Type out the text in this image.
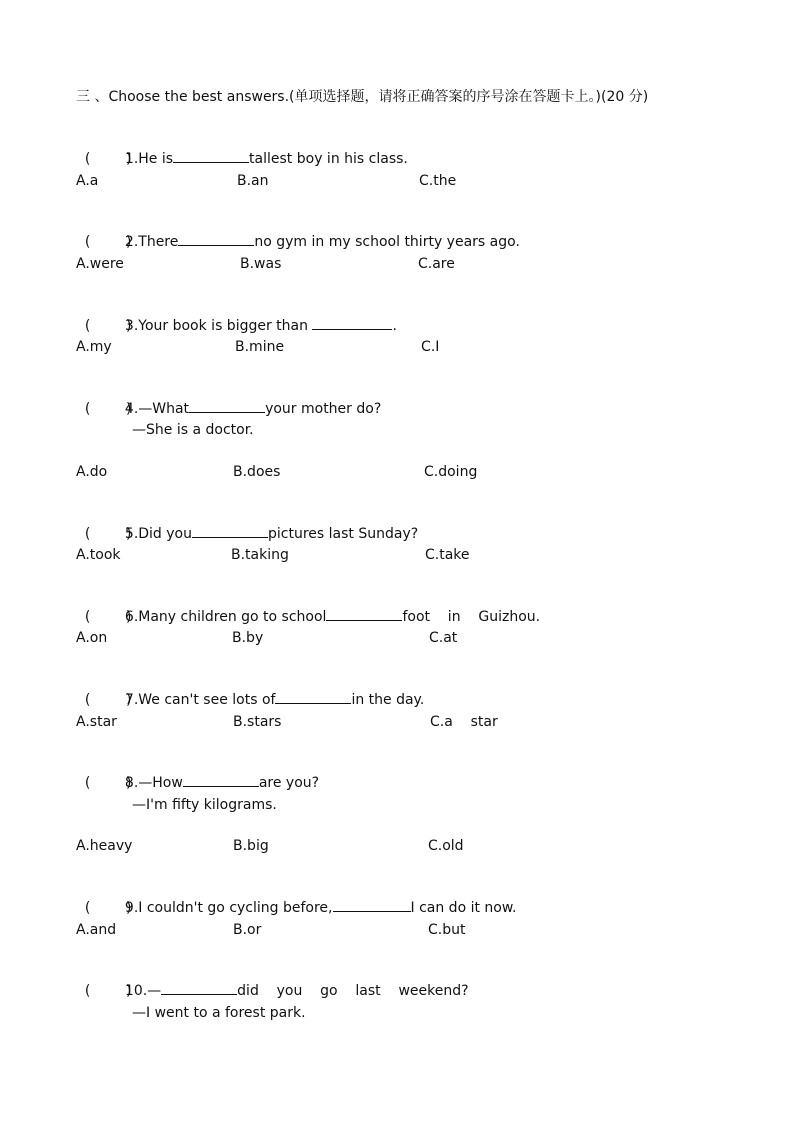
三 、Choose the best answers.(单项选择题，请将正确答案的序号涂在答题卡上。)(20 分)

(        )1.He is	tallest boy in his class.

A.a	B.an	C.the

(        )2.There	no gym in my school thirty years ago.

A.were	B.was	C.are

(        )3.Your book is bigger than	.

A.my	B.mine	C.I

(        )4.—What	your mother do?

—She is a doctor.
A.do	B.does	C.doing

(        )5.Did you	pictures last Sunday?

A.took	B.taking	C.take

(        )6.Many children go to school	foot    in    Guizhou.

A.on	B.by	C.at

(        )7.We can't see lots of	in the day.

A.star	B.stars	C.a    star

(        )8.—How	are you?

—I'm fifty kilograms.
A.heavy	B.big	C.old

(        )9.I couldn't go cycling before,	I can do it now.

A.and	B.or	C.but

(        )10.—	did    you    go    last    weekend?

—I went to a forest park.
